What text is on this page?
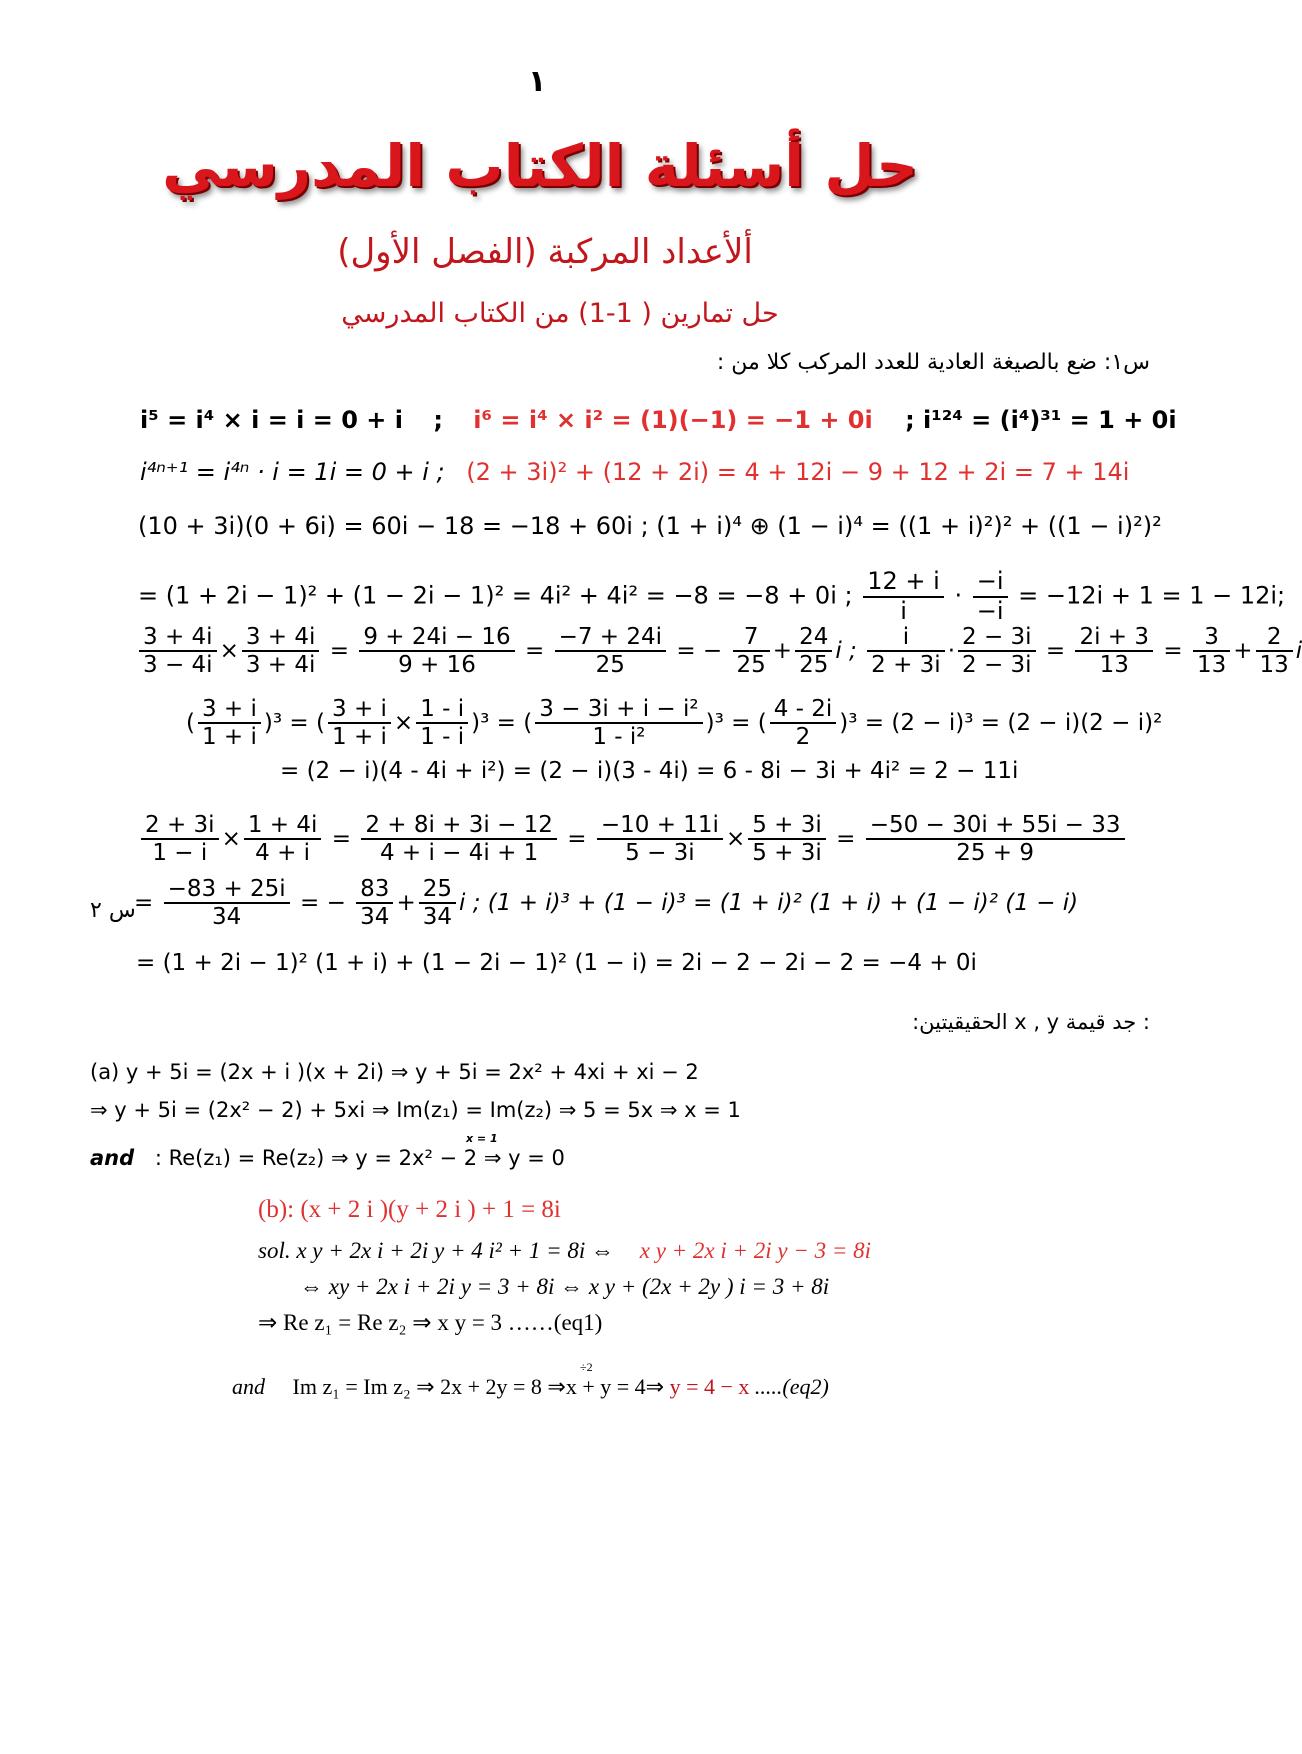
١
حل أسئلة الكتاب المدرسي
ألأعداد المركبة (الفصل الأول)
حل تمارين ( 1-1) من الكتاب المدرسي
س١: ضع بالصيغة العادية للعدد المركب كلا من :
i⁵ = i⁴ × i = i = 0 + i ; i⁶ = i⁴ × i² = (1)(−1) = −1 + 0i ; i¹²⁴ = (i⁴)³¹ = 1 + 0i
i⁴ⁿ⁺¹ = i⁴ⁿ · i = 1i = 0 + i ; (2 + 3i)² + (12 + 2i) = 4 + 12i − 9 + 12 + 2i = 7 + 14i
(10 + 3i)(0 + 6i) = 60i − 18 = −18 + 60i ; (1 + i)⁴ ⊕ (1 − i)⁴ = ((1 + i)²)² + ((1 − i)²)²
= (1 + 2i − 1)² + (1 − 2i − 1)² = 4i² + 4i² = −8 = −8 + 0i ; $\frac{12 + i}{i} \cdot \frac{-i}{-i} = -12i + 1 = 1 - 12i$;
$\frac{3 + 4i}{3 - 4i} \times \frac{3 + 4i}{3 + 4i} = \frac{9 + 24i - 16}{9 + 16} = \frac{-7 + 24i}{25}$ = − $\frac{7}{25} + \frac{24}{25}$ i ; $\frac{i}{2 + 3i} \cdot \frac{2 - 3i}{2 - 3i} = \frac{2i + 3}{13} = \frac{3}{13} + \frac{2}{13}$ i
( $\frac{3 + i}{1 + i} )^3$ = ( $\frac{3 + i}{1 + i} \times \frac{1 - i}{1 - i} )^3$ = ( $\frac{\text{3 − 3i + i − i²}}{\text{1 - i²}} )^3$ = ( $\frac{4 - 2i}{2} )^3 = (2 - i)^3 = (2 - i)(2 - i)^2$
= (2 − i)(4 - 4i + i²) = (2 − i)(3 - 4i) = 6 - 8i − 3i + 4i² = 2 − 11i
$\frac{2 + 3i}{1 - i} \times \frac{1 + 4i}{4 + i} = \frac{2 + 8i + 3i - 12}{4 + i - 4i + 1} = \frac{-10 + 11i}{5 - 3i} \times \frac{5 + 3i}{5 + 3i} = \frac{-50 - 30i + 55i - 33}{25 + 9}$
س ٢
= $\frac{-83 + 25i}{34}$ = − $\frac{83}{34} + \frac{25}{34}$ i ; (1 + i)³ + (1 − i)³ = (1 + i)² (1 + i) + (1 − i)² (1 − i)
= (1 + 2i − 1)² (1 + i) + (1 − 2i − 1)² (1 − i) = 2i − 2 − 2i − 2 = −4 + 0i
: جد قيمة x , y الحقيقيتين:
(a) y + 5i = (2x + i )(x + 2i) ⇒ y + 5i = 2x² + 4xi + xi − 2
⇒ y + 5i = (2x² − 2) + 5xi ⇒ Im(z₁) = Im(z₂) ⇒ 5 = 5x ⇒ x = 1
and : Re(z₁) = Re(z₂) ⇒ y = 2x² − 2 ⇒ y = 0
x = 1
(b): (x + 2 i )(y + 2 i ) + 1 = 8i
sol. x y + 2x i + 2i y + 4 i² + 1 = 8i ⇔ x y + 2x i + 2i y − 3 = 8i
⇔ xy + 2x i + 2i y = 3 + 8i ⇔ x y + (2x + 2y ) i = 3 + 8i
⇒ Re z₁ = Re z₂ ⇒ x y = 3 ……(eq1)
and Im z₁ = Im z₂ ⇒ 2x + 2y = 8 ⇒x + y = 4⇒ y = 4 − x .....(eq2)
÷2
